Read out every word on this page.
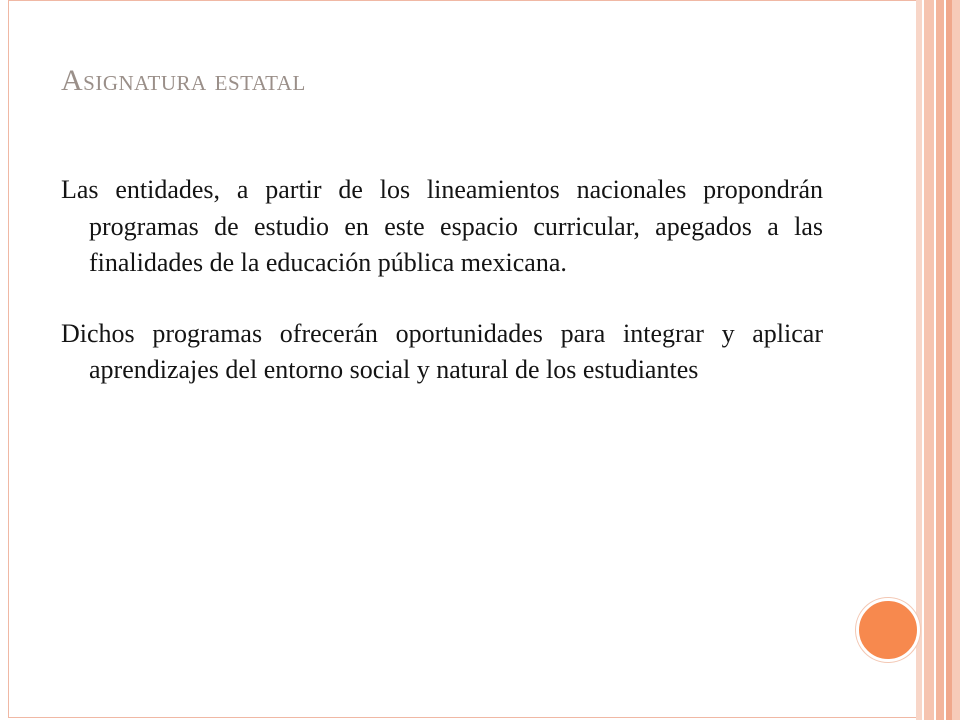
Asignatura estatal
Las entidades, a partir de los lineamientos nacionales propondrán programas de estudio en este espacio curricular, apegados a las finalidades de la educación pública mexicana.
Dichos programas ofrecerán oportunidades para integrar y aplicar aprendizajes del entorno social y natural de los estudiantes
